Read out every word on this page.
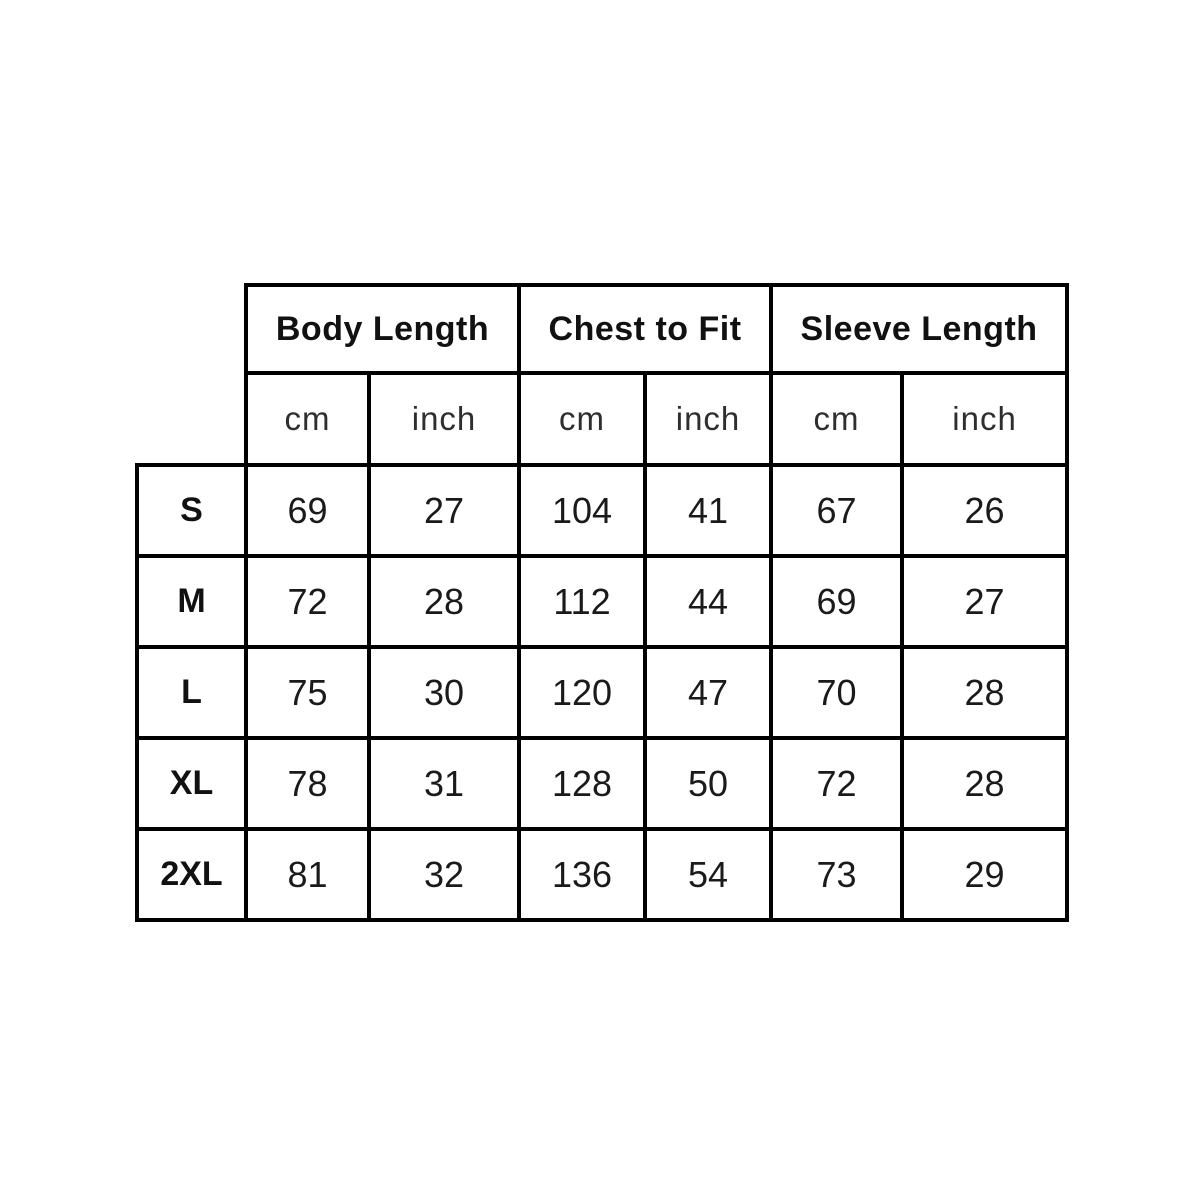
	Body Length		Chest to Fit		Sleeve Length	
	cm	inch	cm	inch	cm	inch
S	69	27	104	41	67	26
M	72	28	112	44	69	27
L	75	30	120	47	70	28
XL	78	31	128	50	72	28
2XL	81	32	136	54	73	29
